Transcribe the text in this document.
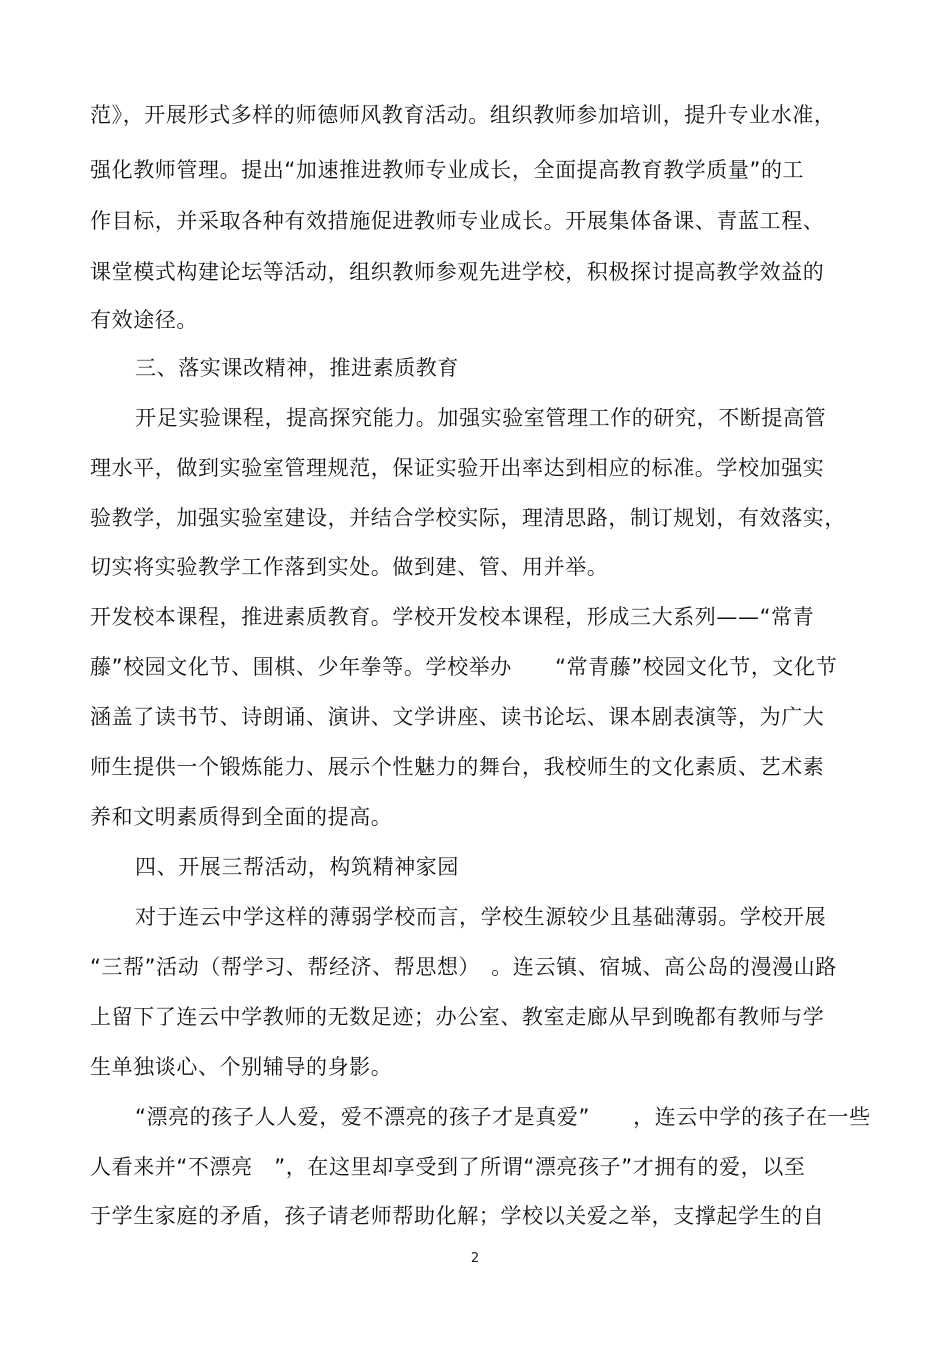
范》，开展形式多样的师德师风教育活动。组织教师参加培训，提升专业水准，
强化教师管理。提出“加速推进教师专业成长，全面提高教育教学质量”的工
作目标，并采取各种有效措施促进教师专业成长。开展集体备课、青蓝工程、
课堂模式构建论坛等活动，组织教师参观先进学校，积极探讨提高教学效益的
有效途径。
三、落实课改精神，推进素质教育
开足实验课程，提高探究能力。加强实验室管理工作的研究，不断提高管
理水平，做到实验室管理规范，保证实验开出率达到相应的标准。学校加强实
验教学，加强实验室建设，并结合学校实际，理清思路，制订规划，有效落实，
切实将实验教学工作落到实处。做到建、管、用并举。
开发校本课程，推进素质教育。学校开发校本课程，形成三大系列——“常青
藤”校园文化节、围棋、少年拳等。学校举办　　“常青藤”校园文化节，文化节
涵盖了读书节、诗朗诵、演讲、文学讲座、读书论坛、课本剧表演等，为广大
师生提供一个锻炼能力、展示个性魅力的舞台，我校师生的文化素质、艺术素
养和文明素质得到全面的提高。
四、开展三帮活动，构筑精神家园
对于连云中学这样的薄弱学校而言，学校生源较少且基础薄弱。学校开展
“三帮”活动（帮学习、帮经济、帮思想）　。连云镇、宿城、高公岛的漫漫山路
上留下了连云中学教师的无数足迹；办公室、教室走廊从早到晚都有教师与学
生单独谈心、个别辅导的身影。
“漂亮的孩子人人爱，爱不漂亮的孩子才是真爱”　　，连云中学的孩子在一些
人看来并“不漂亮　”，在这里却享受到了所谓“漂亮孩子”才拥有的爱，以至
于学生家庭的矛盾，孩子请老师帮助化解；学校以关爱之举，支撑起学生的自
2
